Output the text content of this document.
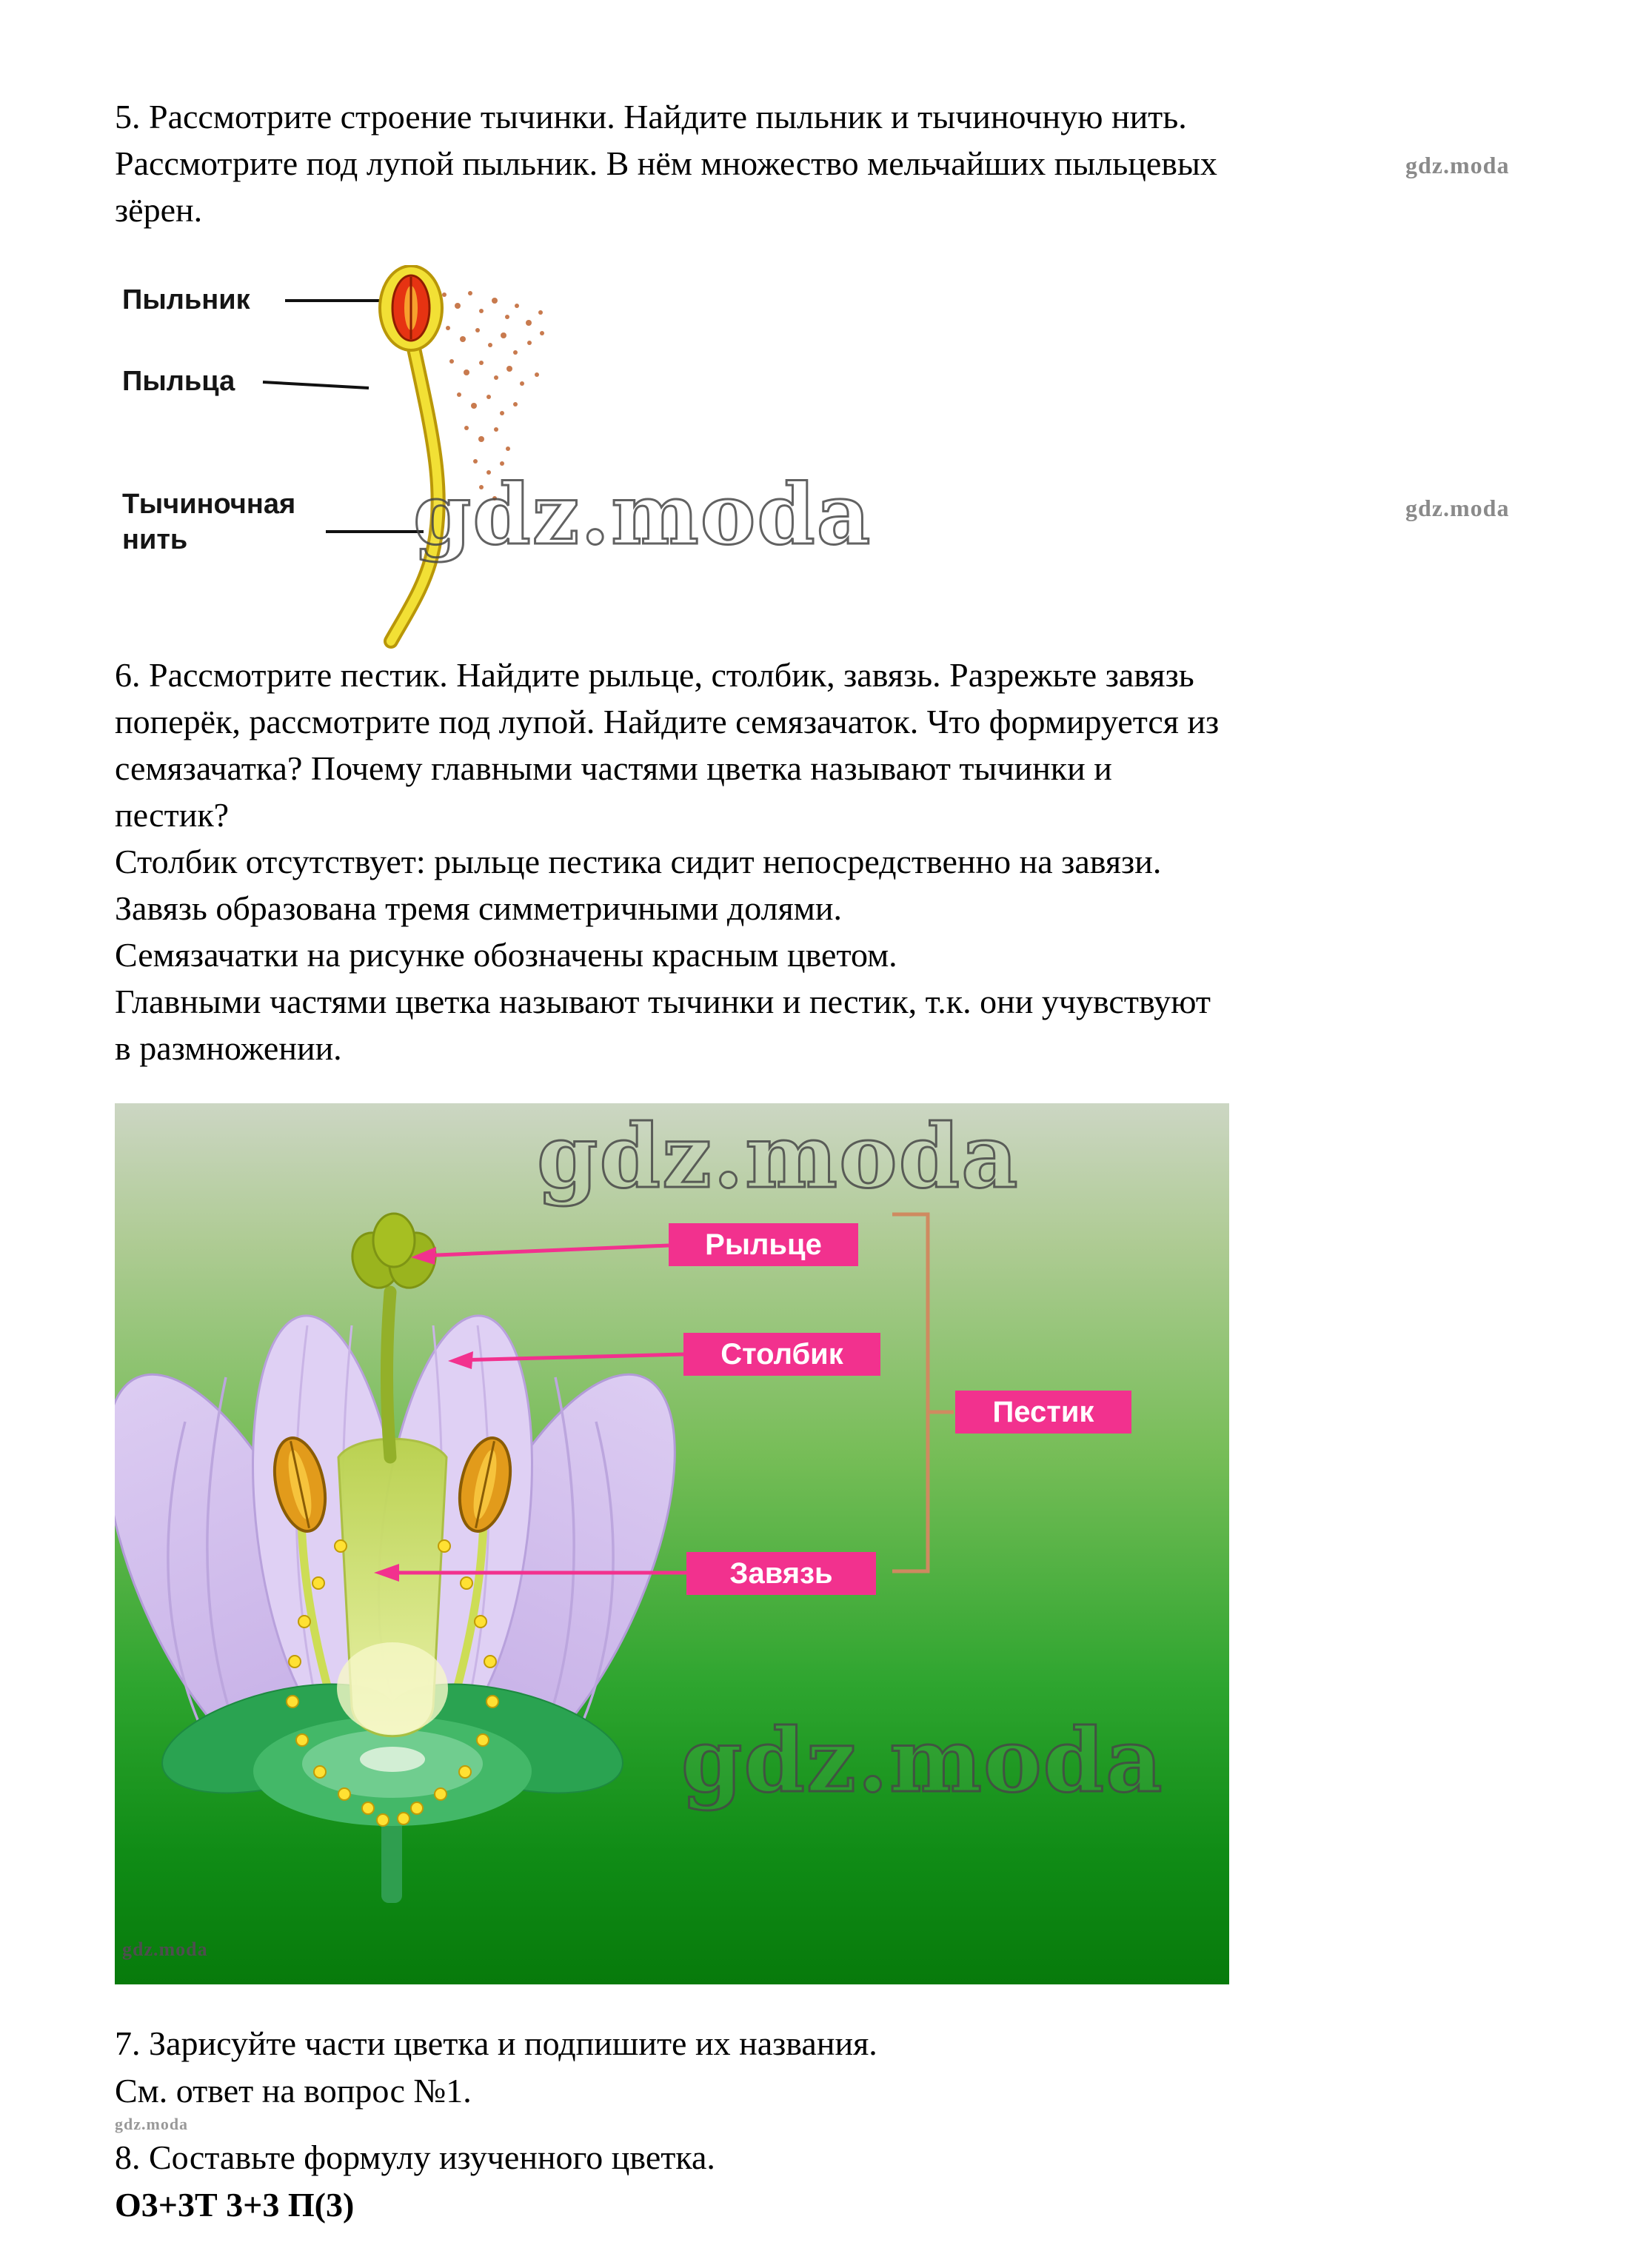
gdz.moda
gdz.moda
5. Рассмотрите строение тычинки. Найдите пыльник и тычиночную нить.
Рассмотрите под лупой пыльник. В нём множество мельчайших пыльцевых
зёрен.
Пыльник
Пыльца
Тычиночная нить	gdz.moda
6. Рассмотрите пестик. Найдите рыльце, столбик, завязь. Разрежьте завязь
поперёк, рассмотрите под лупой. Найдите семязачаток. Что формируется из
семязачатка? Почему главными частями цветка называют тычинки и
пестик?
Столбик отсутствует: рыльце пестика сидит непосредственно на завязи.
Завязь образована тремя симметричными долями.
Семязачатки на рисунке обозначены красным цветом.
Главными частями цветка называют тычинки и пестик, т.к. они учувствуют
в размножении.
Рыльце
Столбик
Пестик
Завязь
gdz.moda
gdz.moda
gdz.moda
7. Зарисуйте части цветка и подпишите их названия.
См. ответ на вопрос №1.
gdz.moda
8. Составьте формулу изученного цветка.
О3+3Т 3+3 П(3)
